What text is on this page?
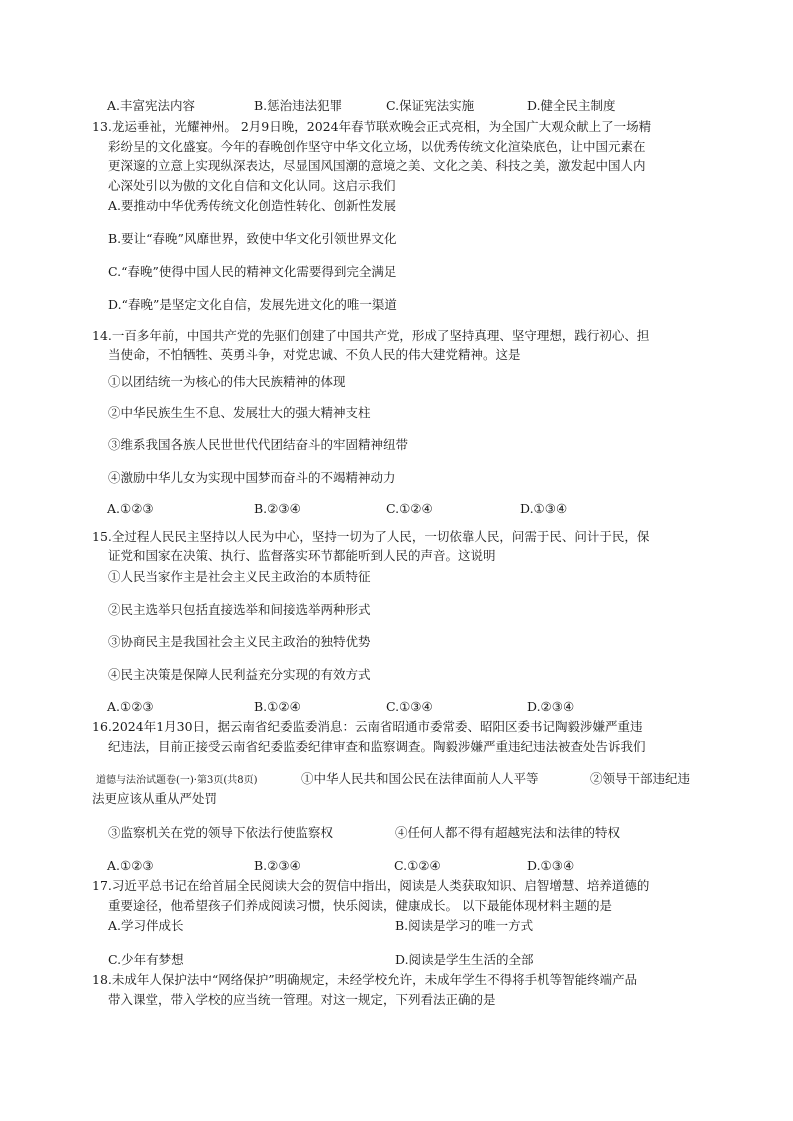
A.丰富宪法内容	B.惩治违法犯罪	C.保证宪法实施	D.健全民主制度
13.龙运垂祉，光耀神州。 2月9日晚，2024年春节联欢晚会正式亮相，为全国广大观众献上了一场精
彩纷呈的文化盛宴。今年的春晚创作坚守中华文化立场，以优秀传统文化渲染底色，让中国元素在
更深邃的立意上实现纵深表达，尽显国风国潮的意境之美、文化之美、科技之美，激发起中国人内
心深处引以为傲的文化自信和文化认同。这启示我们
A.要推动中华优秀传统文化创造性转化、创新性发展
B.要让“春晚”风靡世界，致使中华文化引领世界文化
C.“春晚”使得中国人民的精神文化需要得到完全满足
D.“春晚”是坚定文化自信，发展先进文化的唯一渠道
14.一百多年前，中国共产党的先驱们创建了中国共产党，形成了坚持真理、坚守理想，践行初心、担
当使命，不怕牺牲、英勇斗争，对党忠诚、不负人民的伟大建党精神。这是
①以团结统一为核心的伟大民族精神的体现
②中华民族生生不息、发展壮大的强大精神支柱
③维系我国各族人民世世代代团结奋斗的牢固精神纽带
④激励中华儿女为实现中国梦而奋斗的不竭精神动力
A.①②③	B.②③④	C.①②④	D.①③④
15.全过程人民民主坚持以人民为中心，坚持一切为了人民，一切依靠人民，问需于民、问计于民，保
证党和国家在决策、执行、监督落实环节都能听到人民的声音。这说明
①人民当家作主是社会主义民主政治的本质特征
②民主选举只包括直接选举和间接选举两种形式
③协商民主是我国社会主义民主政治的独特优势
④民主决策是保障人民利益充分实现的有效方式
A.①②③	B.①②④	C.①③④	D.②③④
16.2024年1月30日，据云南省纪委监委消息：云南省昭通市委常委、昭阳区委书记陶毅涉嫌严重违
纪违法，目前正接受云南省纪委监委纪律审查和监察调查。陶毅涉嫌严重违纪违法被查处告诉我们
道德与法治试题卷(一)·第3页(共8页)	①中华人民共和国公民在法律面前人人平等	②领导干部违纪违
法更应该从重从严处罚
③监察机关在党的领导下依法行使监察权	④任何人都不得有超越宪法和法律的特权
A.①②③	B.②③④	C.①②④	D.①③④
17.习近平总书记在给首届全民阅读大会的贺信中指出，阅读是人类获取知识、启智增慧、培养道德的
重要途径，他希望孩子们养成阅读习惯，快乐阅读，健康成长。 以下最能体现材料主题的是
A.学习伴成长	B.阅读是学习的唯一方式
C.少年有梦想	D.阅读是学生生活的全部
18.未成年人保护法中“网络保护”明确规定，未经学校允许，未成年学生不得将手机等智能终端产品
带入课堂，带入学校的应当统一管理。对这一规定，下列看法正确的是
